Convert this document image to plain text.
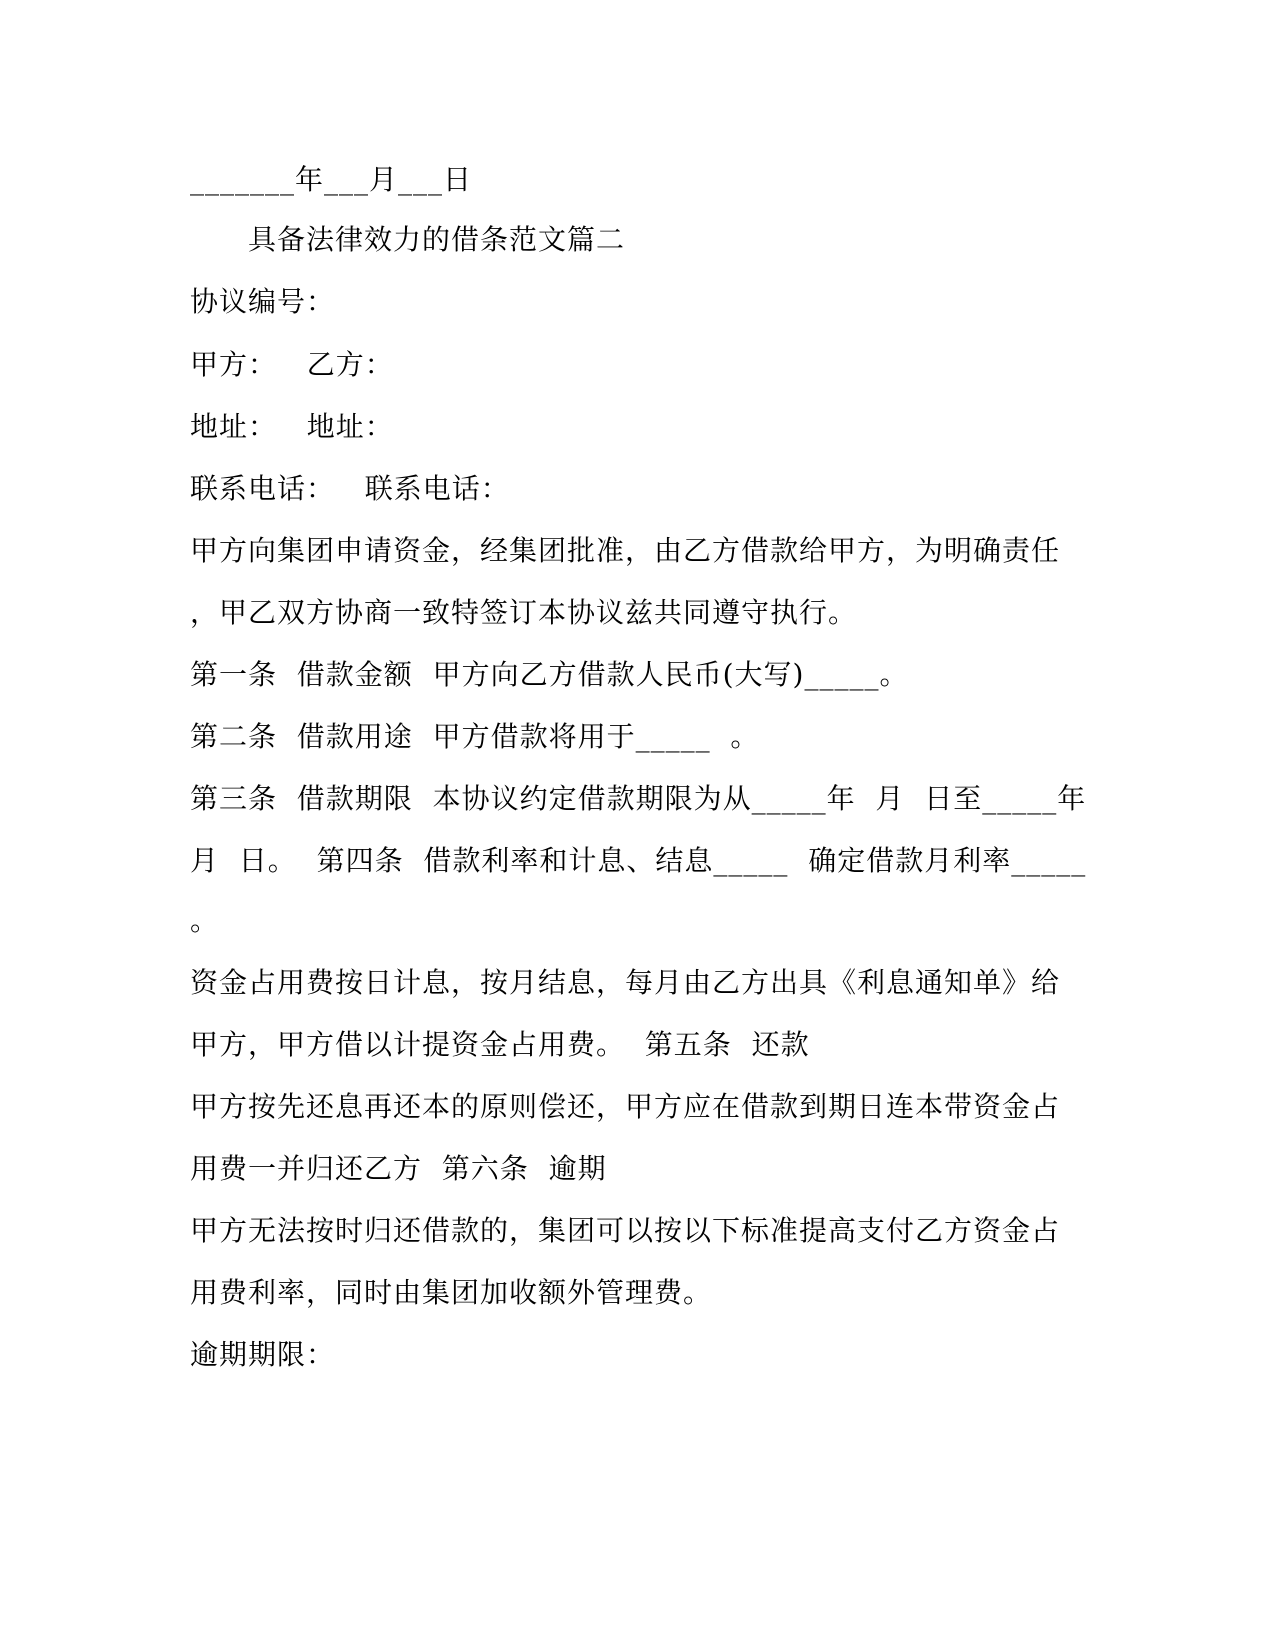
_______年___月___日
具备法律效力的借条范文篇二
协议编号：
甲方：   乙方：
地址：   地址：
联系电话：   联系电话：
甲方向集团申请资金，经集团批准，由乙方借款给甲方，为明确责任
，甲乙双方协商一致特签订本协议兹共同遵守执行。
第一条  借款金额  甲方向乙方借款人民币(大写)_____。
第二条  借款用途  甲方借款将用于_____  。
第三条  借款期限  本协议约定借款期限为从_____年  月  日至_____年
月  日。  第四条  借款利率和计息、结息_____  确定借款月利率_____
。
资金占用费按日计息，按月结息，每月由乙方出具《利息通知单》给
甲方，甲方借以计提资金占用费。  第五条  还款
甲方按先还息再还本的原则偿还，甲方应在借款到期日连本带资金占
用费一并归还乙方  第六条  逾期
甲方无法按时归还借款的，集团可以按以下标准提高支付乙方资金占
用费利率，同时由集团加收额外管理费。
逾期期限：
